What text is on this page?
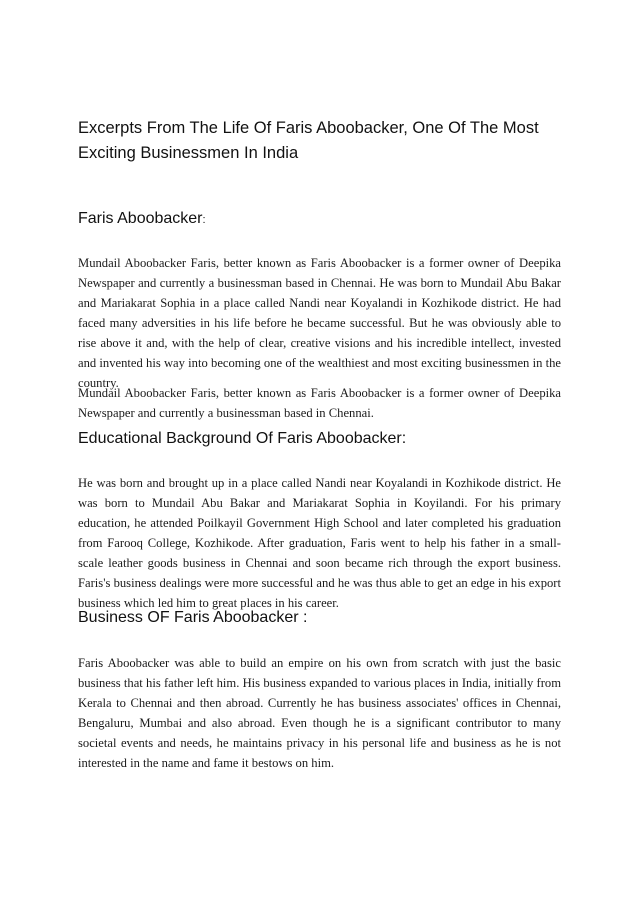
Excerpts From The Life Of Faris Aboobacker, One Of The Most Exciting Businessmen In India
Faris Aboobacker:

Mundail Aboobacker Faris, better known as Faris Aboobacker is a former owner of Deepika Newspaper and currently a businessman based in Chennai. He was born to Mundail Abu Bakar and Mariakarat Sophia in a place called Nandi near Koyalandi in Kozhikode district. He had faced many adversities in his life before he became successful. But he was obviously able to rise above it and, with the help of clear, creative visions and his incredible intellect, invested and invented his way into becoming one of the wealthiest and most exciting businessmen in the country.

Mundail Aboobacker Faris, better known as Faris Aboobacker is a former owner of Deepika Newspaper and currently a businessman based in Chennai.

Educational Background Of Faris Aboobacker:

He was born and brought up in a place called Nandi near Koyalandi in Kozhikode district. He was born to Mundail Abu Bakar and Mariakarat Sophia in Koyilandi. For his primary education, he attended Poilkayil Government High School and later completed his graduation from Farooq College, Kozhikode. After graduation, Faris went to help his father in a small-scale leather goods business in Chennai and soon became rich through the export business. Faris's business dealings were more successful and he was thus able to get an edge in his export business which led him to great places in his career.

Business OF Faris Aboobacker :

Faris Aboobacker was able to build an empire on his own from scratch with just the basic business that his father left him. His business expanded to various places in India, initially from Kerala to Chennai and then abroad. Currently he has business associates' offices in Chennai, Bengaluru, Mumbai and also abroad. Even though he is a significant contributor to many societal events and needs, he maintains privacy in his personal life and business as he is not interested in the name and fame it bestows on him.
